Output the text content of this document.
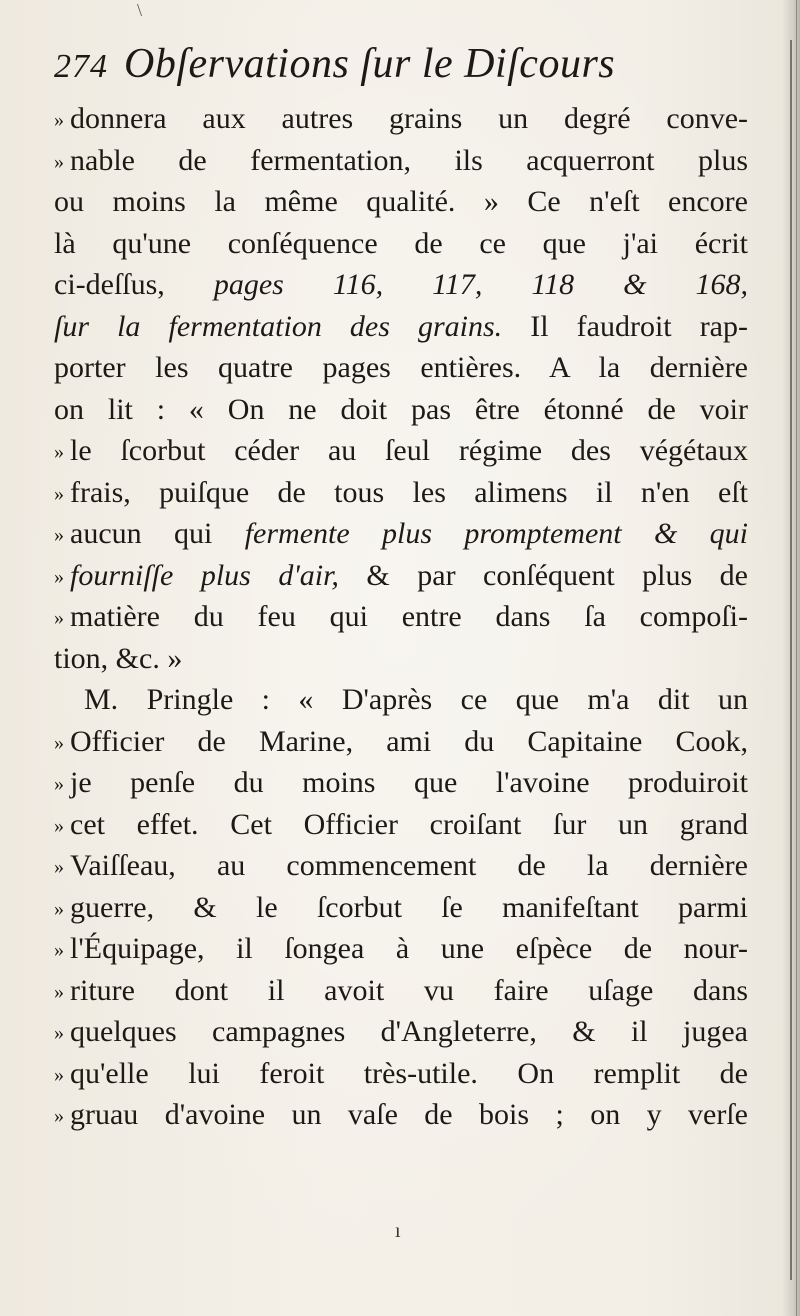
\
274 Obſervations ſur le Diſcours
» donnera aux autres grains un degré conve-
» nable de fermentation, ils acquerront plus
ou moins la même qualité. » Ce n'eſt encore
là qu'une conſéquence de ce que j'ai écrit
ci-deſſus, pages 116, 117, 118 & 168,
ſur la fermentation des grains. Il faudroit rap-
porter les quatre pages entières. A la dernière
on lit : « On ne doit pas être étonné de voir
» le ſcorbut céder au ſeul régime des végétaux
» frais, puiſque de tous les alimens il n'en eſt
» aucun qui fermente plus promptement & qui
» fourniſſe plus d'air, & par conſéquent plus de
» matière du feu qui entre dans ſa compoſi-
tion, &c. »
M. Pringle : « D'après ce que m'a dit un
» Officier de Marine, ami du Capitaine Cook,
» je penſe du moins que l'avoine produiroit
» cet effet. Cet Officier croiſant ſur un grand
» Vaiſſeau, au commencement de la dernière
» guerre, & le ſcorbut ſe manifeſtant parmi
» l'Équipage, il ſongea à une eſpèce de nour-
» riture dont il avoit vu faire uſage dans
» quelques campagnes d'Angleterre, & il jugea
» qu'elle lui feroit très-utile. On remplit de
» gruau d'avoine un vaſe de bois ; on y verſe
ı
